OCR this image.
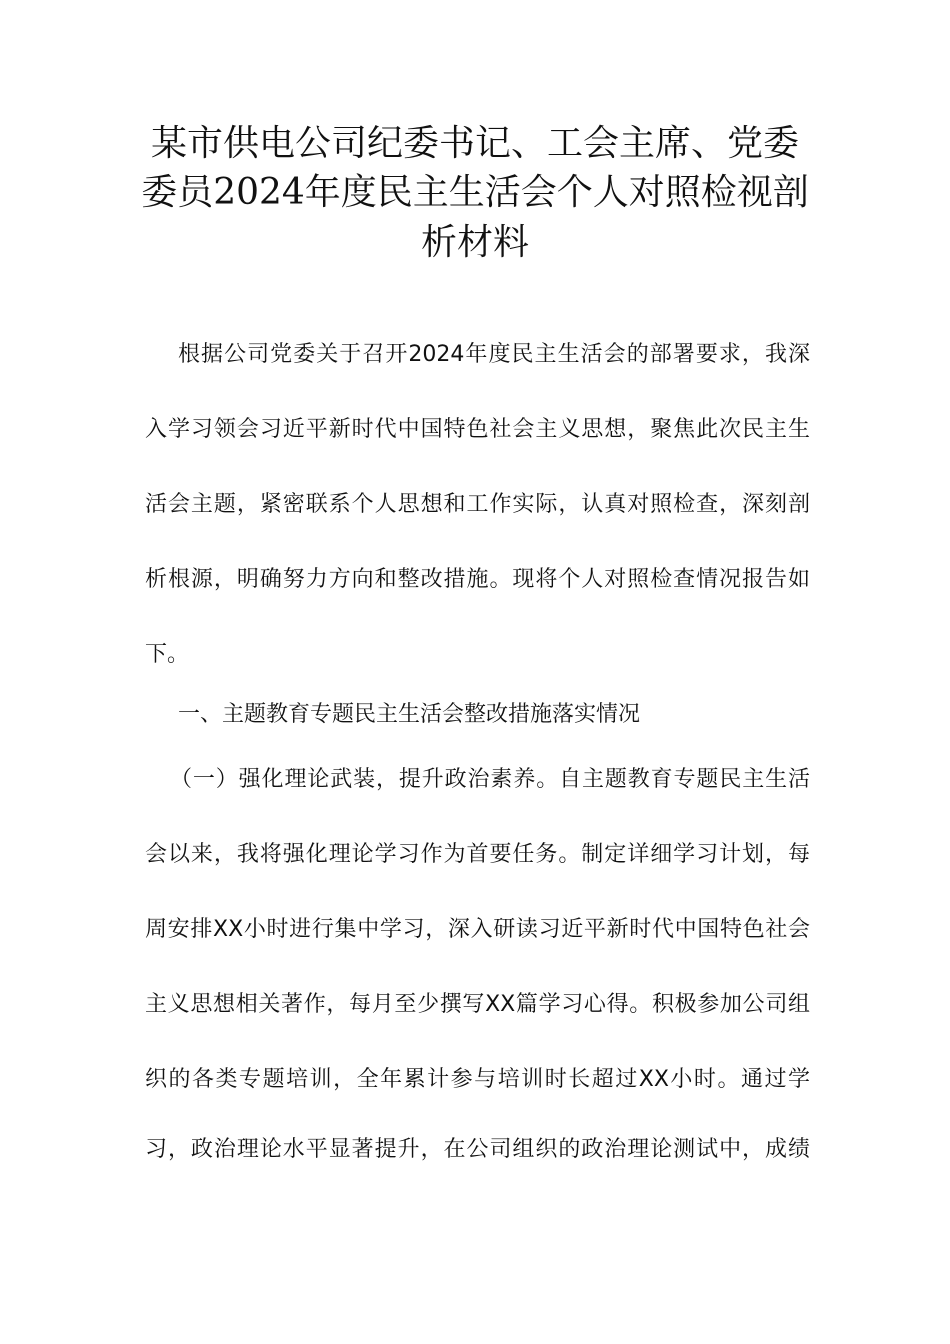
某市供电公司纪委书记、工会主席、党委
委员2024年度民主生活会个人对照检视剖
析材料
根据公司党委关于召开2024年度民主生活会的部署要求，我深
入学习领会习近平新时代中国特色社会主义思想，聚焦此次民主生
活会主题，紧密联系个人思想和工作实际，认真对照检查，深刻剖
析根源，明确努力方向和整改措施。现将个人对照检查情况报告如
下。
一、主题教育专题民主生活会整改措施落实情况
（一）强化理论武装，提升政治素养。自主题教育专题民主生活
会以来，我将强化理论学习作为首要任务。制定详细学习计划，每
周安排XX小时进行集中学习，深入研读习近平新时代中国特色社会
主义思想相关著作，每月至少撰写XX篇学习心得。积极参加公司组
织的各类专题培训，全年累计参与培训时长超过XX小时。通过学
习，政治理论水平显著提升，在公司组织的政治理论测试中，成绩
